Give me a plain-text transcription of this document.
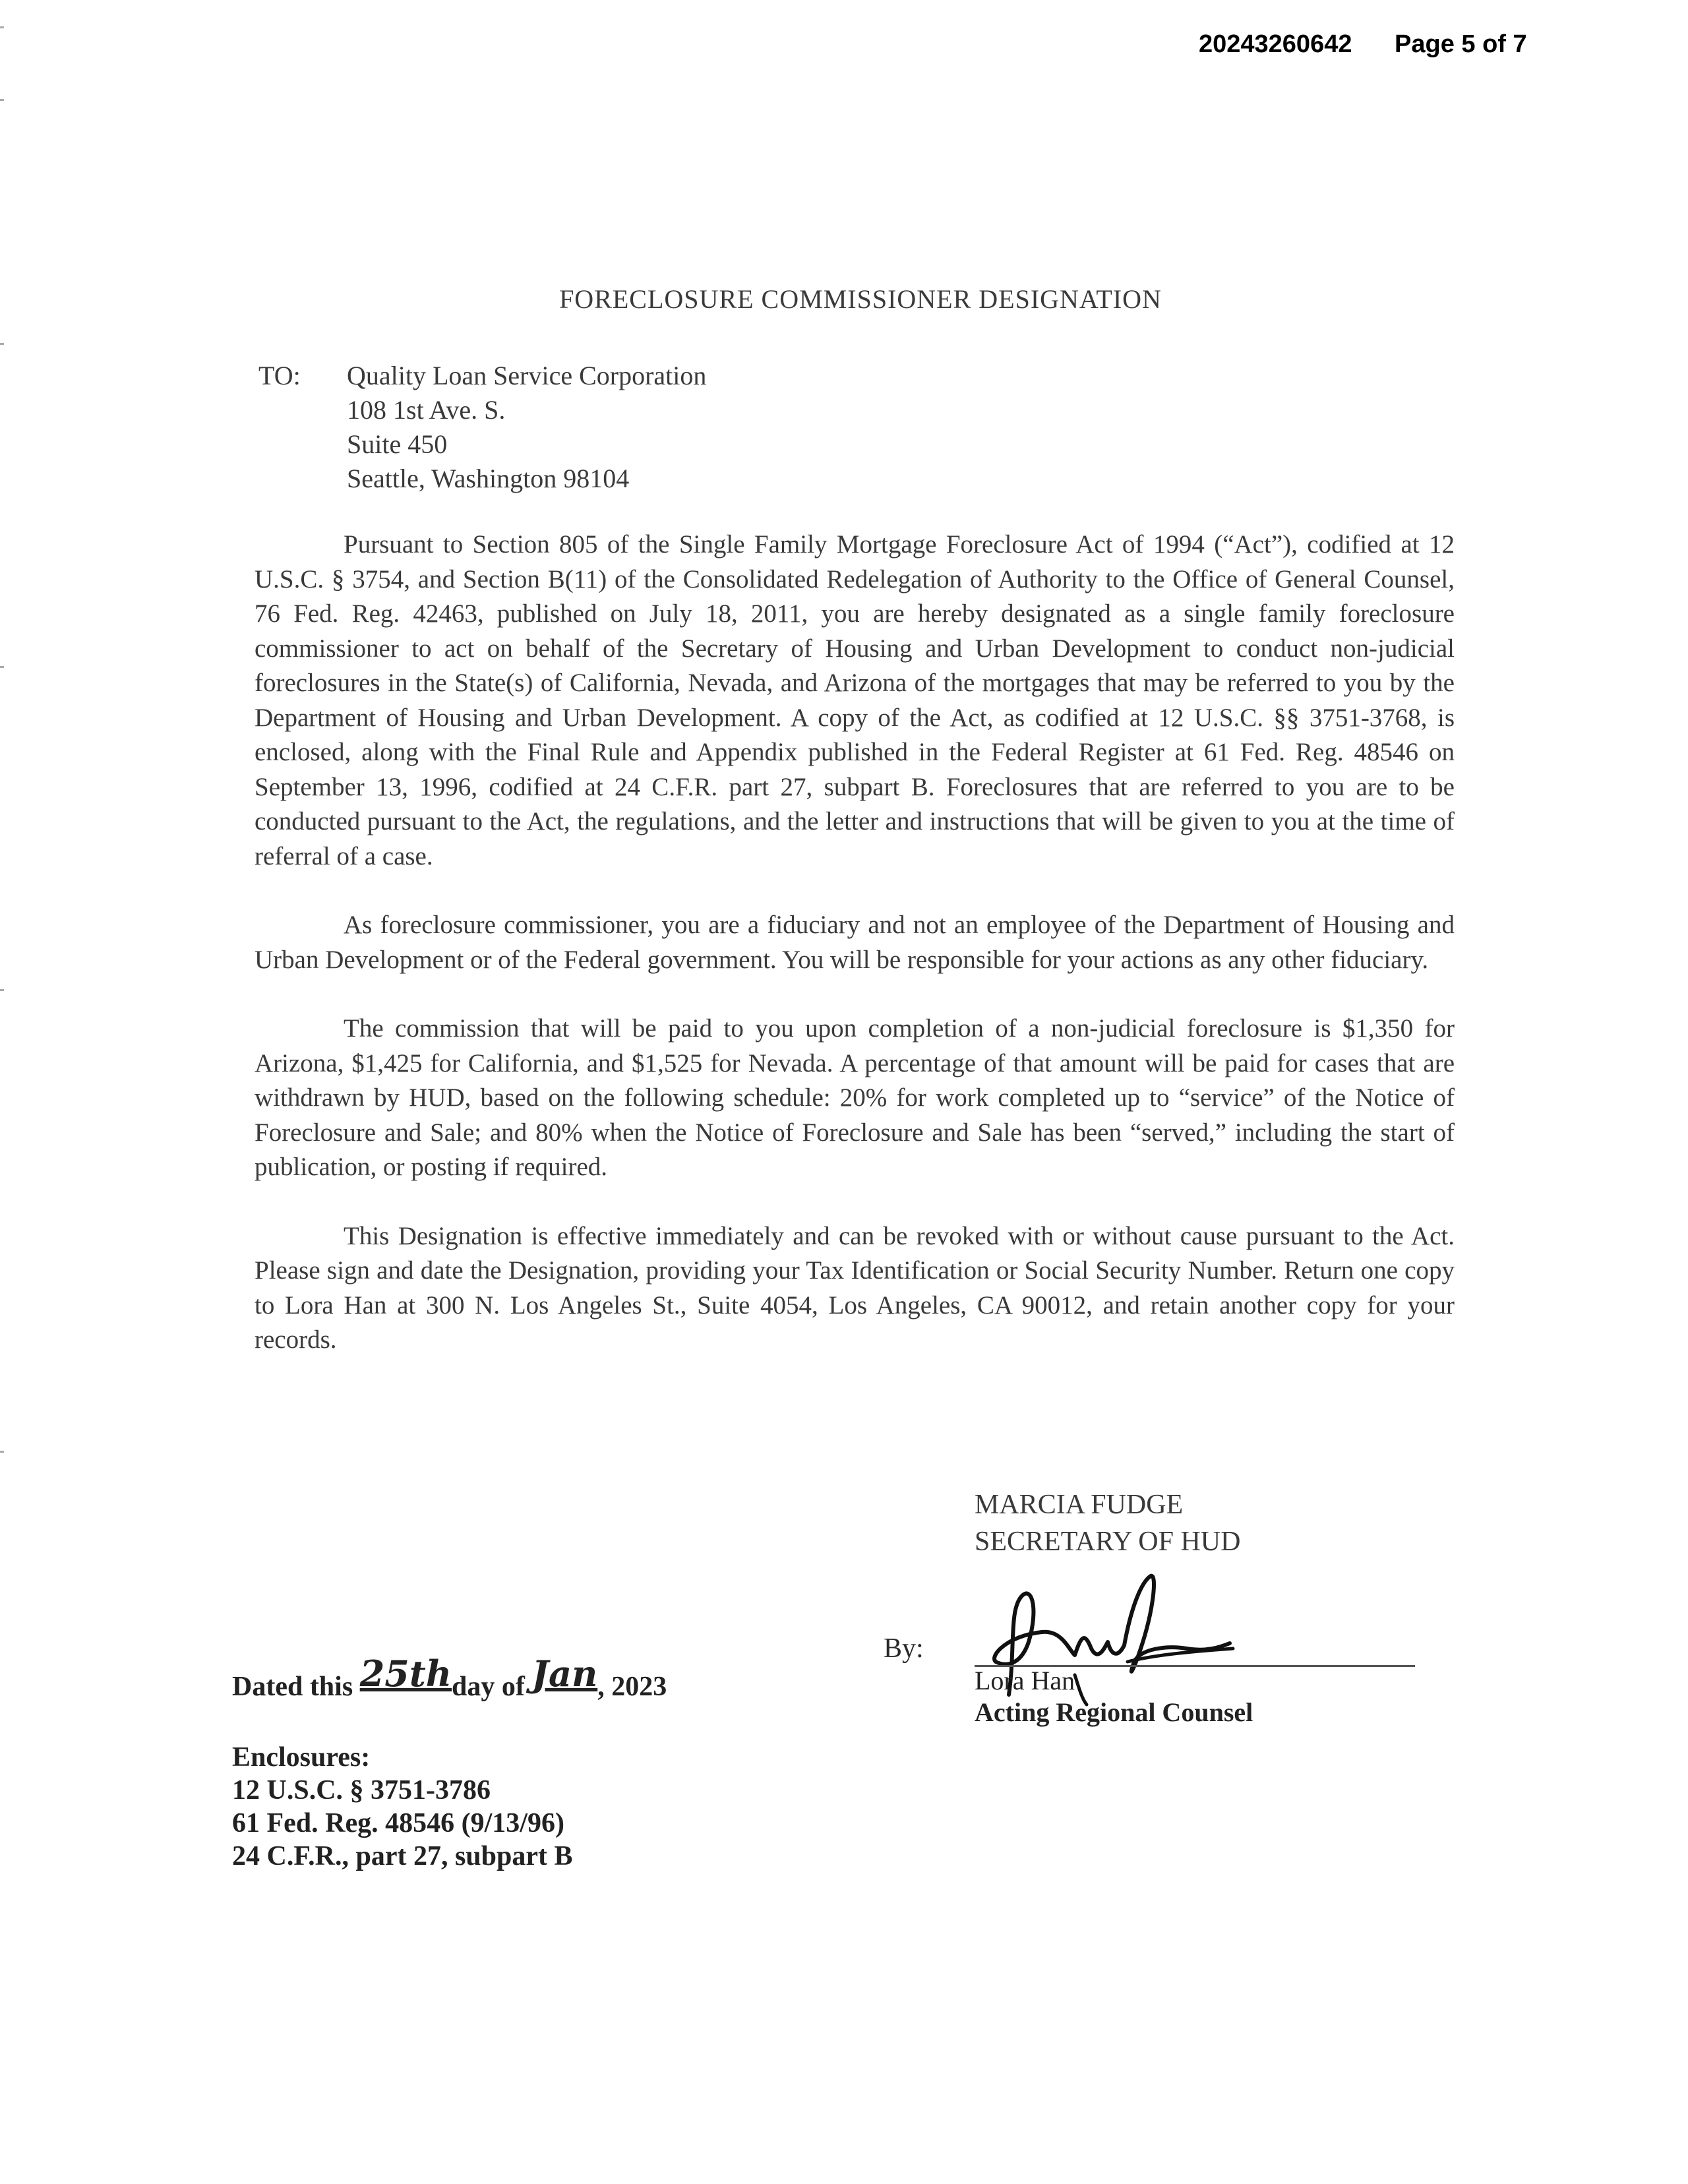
20243260642 Page 5 of 7
FORECLOSURE COMMISSIONER DESIGNATION
TO: Quality Loan Service Corporation
108 1st Ave. S.
Suite 450
Seattle, Washington 98104

Pursuant to Section 805 of the Single Family Mortgage Foreclosure Act of 1994 (“Act”), codified at 12 U.S.C. § 3754, and Section B(11) of the Consolidated Redelegation of Authority to the Office of General Counsel, 76 Fed. Reg. 42463, published on July 18, 2011, you are hereby designated as a single family foreclosure commissioner to act on behalf of the Secretary of Housing and Urban Development to conduct non-judicial foreclosures in the State(s) of California, Nevada, and Arizona of the mortgages that may be referred to you by the Department of Housing and Urban Development. A copy of the Act, as codified at 12 U.S.C. §§ 3751-3768, is enclosed, along with the Final Rule and Appendix published in the Federal Register at 61 Fed. Reg. 48546 on September 13, 1996, codified at 24 C.F.R. part 27, subpart B. Foreclosures that are referred to you are to be conducted pursuant to the Act, the regulations, and the letter and instructions that will be given to you at the time of referral of a case.

As foreclosure commissioner, you are a fiduciary and not an employee of the Department of Housing and Urban Development or of the Federal government. You will be responsible for your actions as any other fiduciary.

The commission that will be paid to you upon completion of a non-judicial foreclosure is $1,350 for Arizona, $1,425 for California, and $1,525 for Nevada. A percentage of that amount will be paid for cases that are withdrawn by HUD, based on the following schedule: 20% for work completed up to “service” of the Notice of Foreclosure and Sale; and 80% when the Notice of Foreclosure and Sale has been “served,” including the start of publication, or posting if required.

This Designation is effective immediately and can be revoked with or without cause pursuant to the Act. Please sign and date the Designation, providing your Tax Identification or Social Security Number. Return one copy to Lora Han at 300 N. Los Angeles St., Suite 4054, Los Angeles, CA 90012, and retain another copy for your records.

MARCIA FUDGE
SECRETARY OF HUD
By:
Lora Han
Acting Regional Counsel
Dated this 25thday of Jan, 2023
Enclosures:
12 U.S.C. § 3751-3786
61 Fed. Reg. 48546 (9/13/96)
24 C.F.R., part 27, subpart B
